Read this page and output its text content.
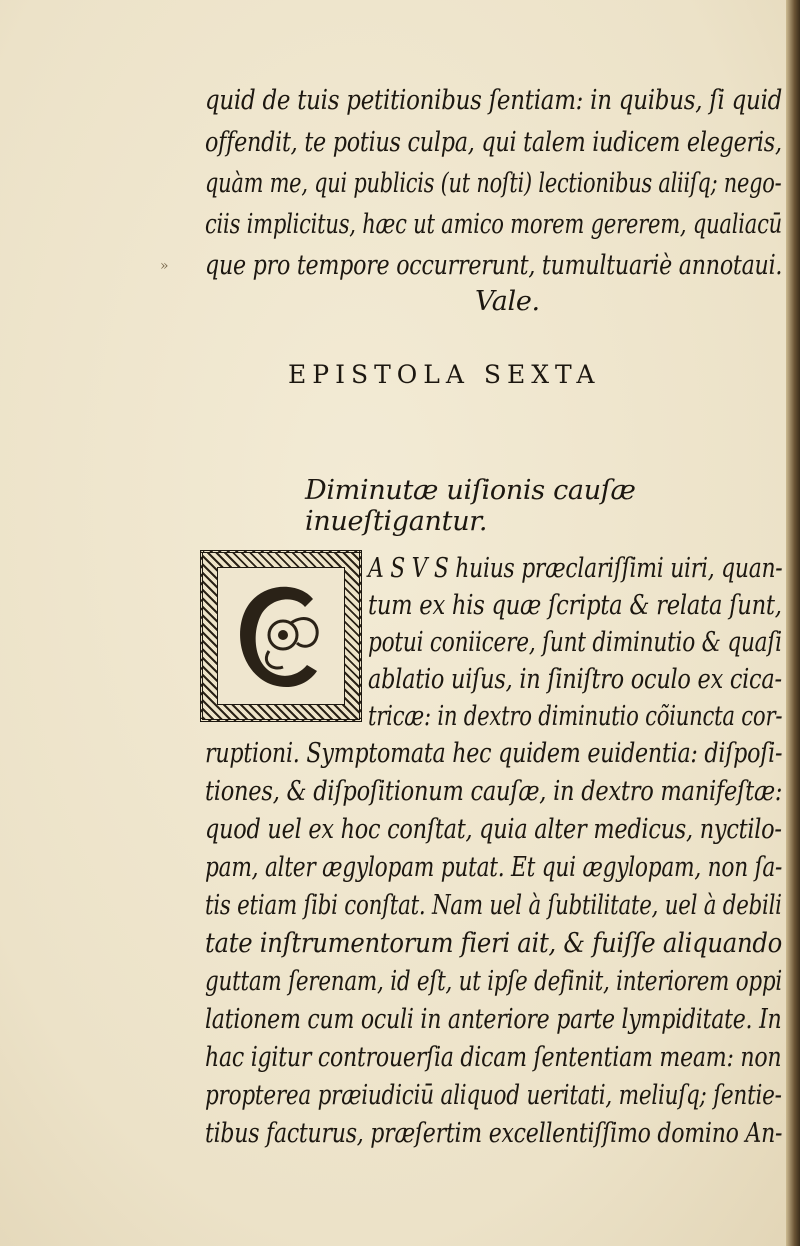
»
quid de tuis petitionibus ſentiam: in quibus, ſi quid
offendit, te potius culpa, qui talem iudicem elegeris,
quàm me, qui publicis (ut noſti) lectionibus aliiſq; nego-
ciis implicitus, hæc ut amico morem gererem, qualiacū
que pro tempore occurrerunt, tumultuariè annotaui.
Vale.
EPISTOLA SEXTA
Diminutæ uiſionis cauſæ inueſtigantur.
A S V S huius præclariſſimi uiri, quan-
tum ex his quæ ſcripta & relata ſunt,
potui coniicere, ſunt diminutio & quaſi
ablatio uiſus, in ſiniſtro oculo ex cica-
tricæ: in dextro diminutio cõiuncta cor-
ruptioni. Symptomata hec quidem euidentia: diſpoſi-
tiones, & diſpoſitionum cauſæ, in dextro manifeſtæ:
quod uel ex hoc conſtat, quia alter medicus, nyctilo-
pam, alter ægylopam putat. Et qui ægylopam, non ſa-
tis etiam ſibi conſtat. Nam uel à ſubtilitate, uel à debili
tate inſtrumentorum fieri ait, & fuiſſe aliquando
guttam ſerenam, id eſt, ut ipſe definit, interiorem oppi
lationem cum oculi in anteriore parte lympiditate. In
hac igitur controuerſia dicam ſententiam meam: non
propterea præiudiciū aliquod ueritati, meliuſq; ſentie-
tibus facturus, præſertim excellentiſſimo domino An-
